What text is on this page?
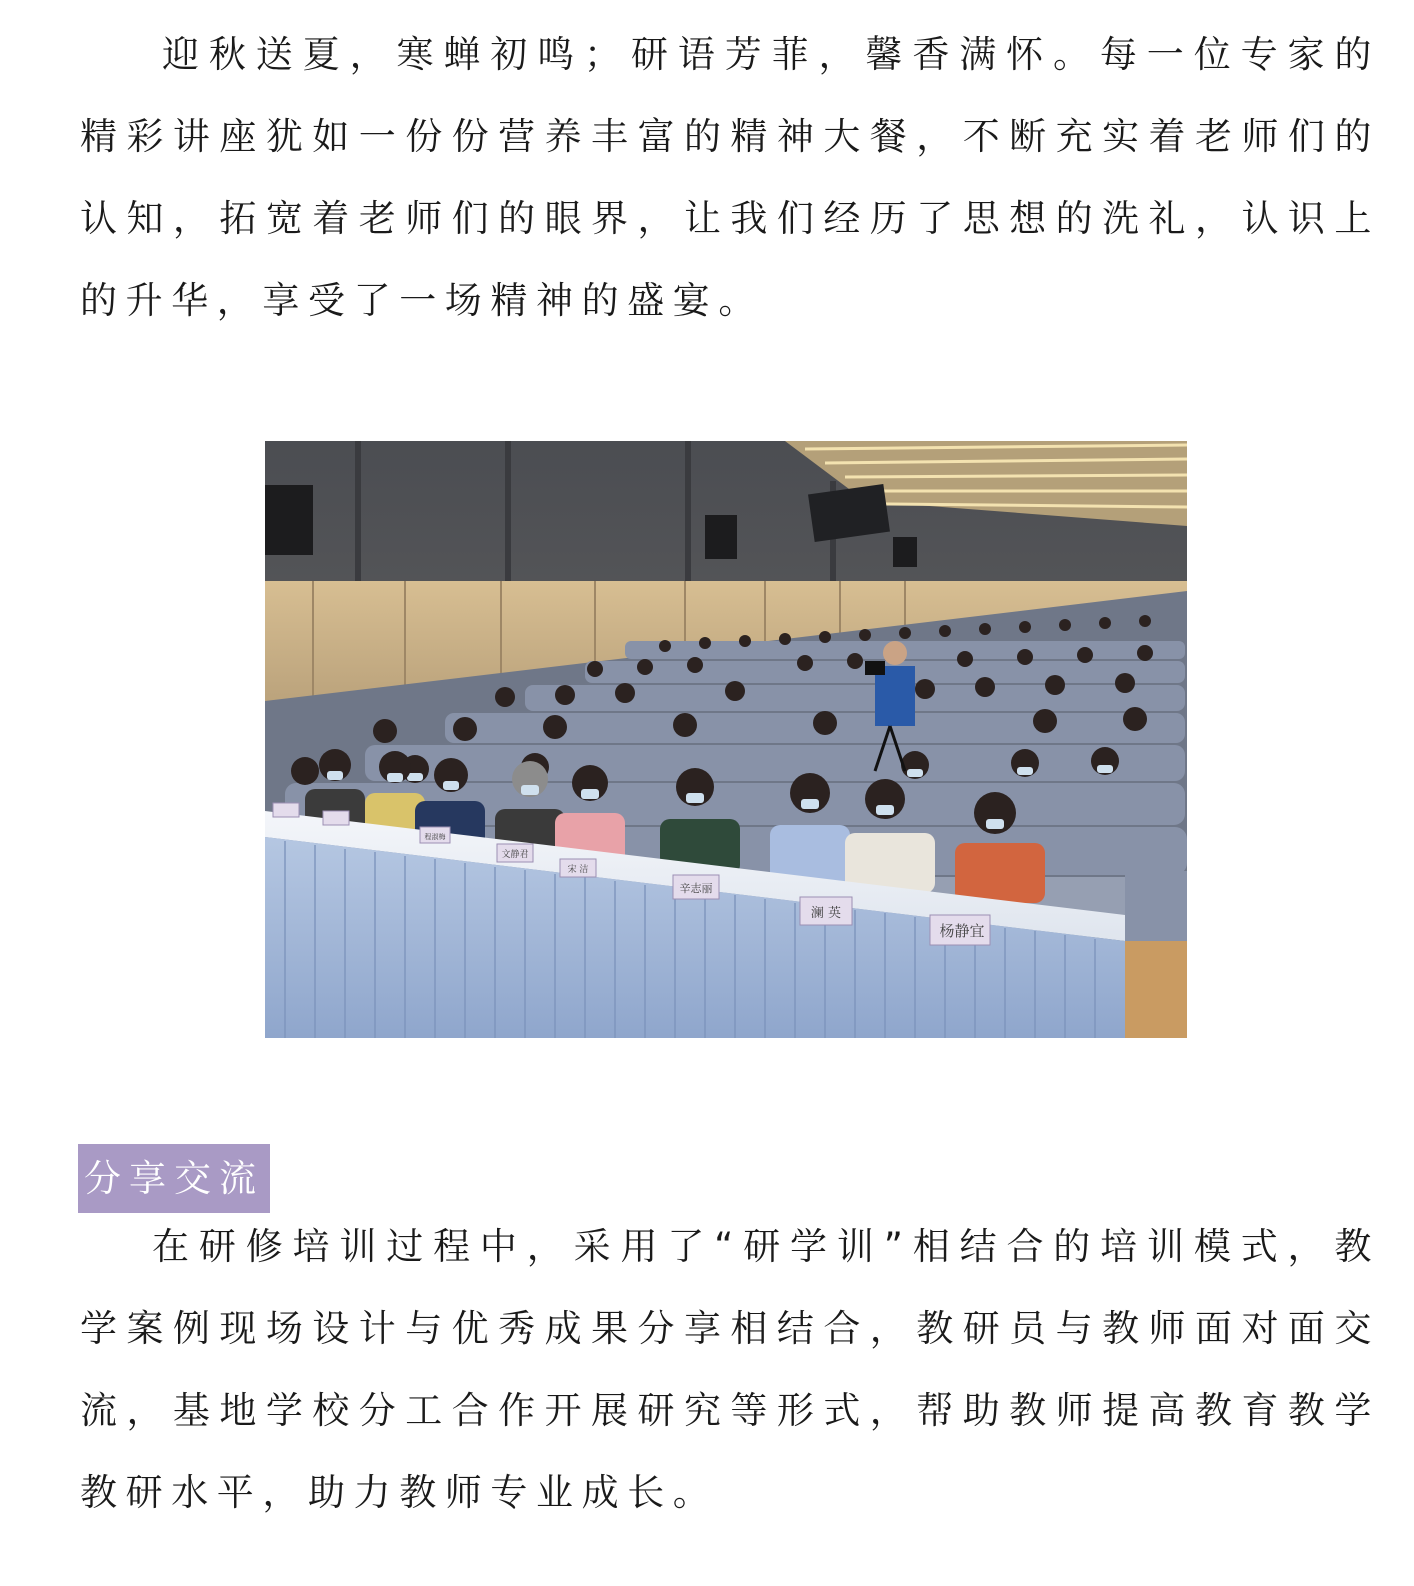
迎秋送夏，寒蝉初鸣；研语芳菲，馨香满怀。每一位专家的精彩讲座犹如一份份营养丰富的精神大餐，不断充实着老师们的认知，拓宽着老师们的眼界，让我们经历了思想的洗礼，认识上的升华，享受了一场精神的盛宴。

杨静宜
澜 英
辛志丽
宋 洁
文静君
程淑梅
分享交流

在研修培训过程中，采用了“研学训”相结合的培训模式，教学案例现场设计与优秀成果分享相结合，教研员与教师面对面交流，基地学校分工合作开展研究等形式，帮助教师提高教育教学教研水平，助力教师专业成长。
